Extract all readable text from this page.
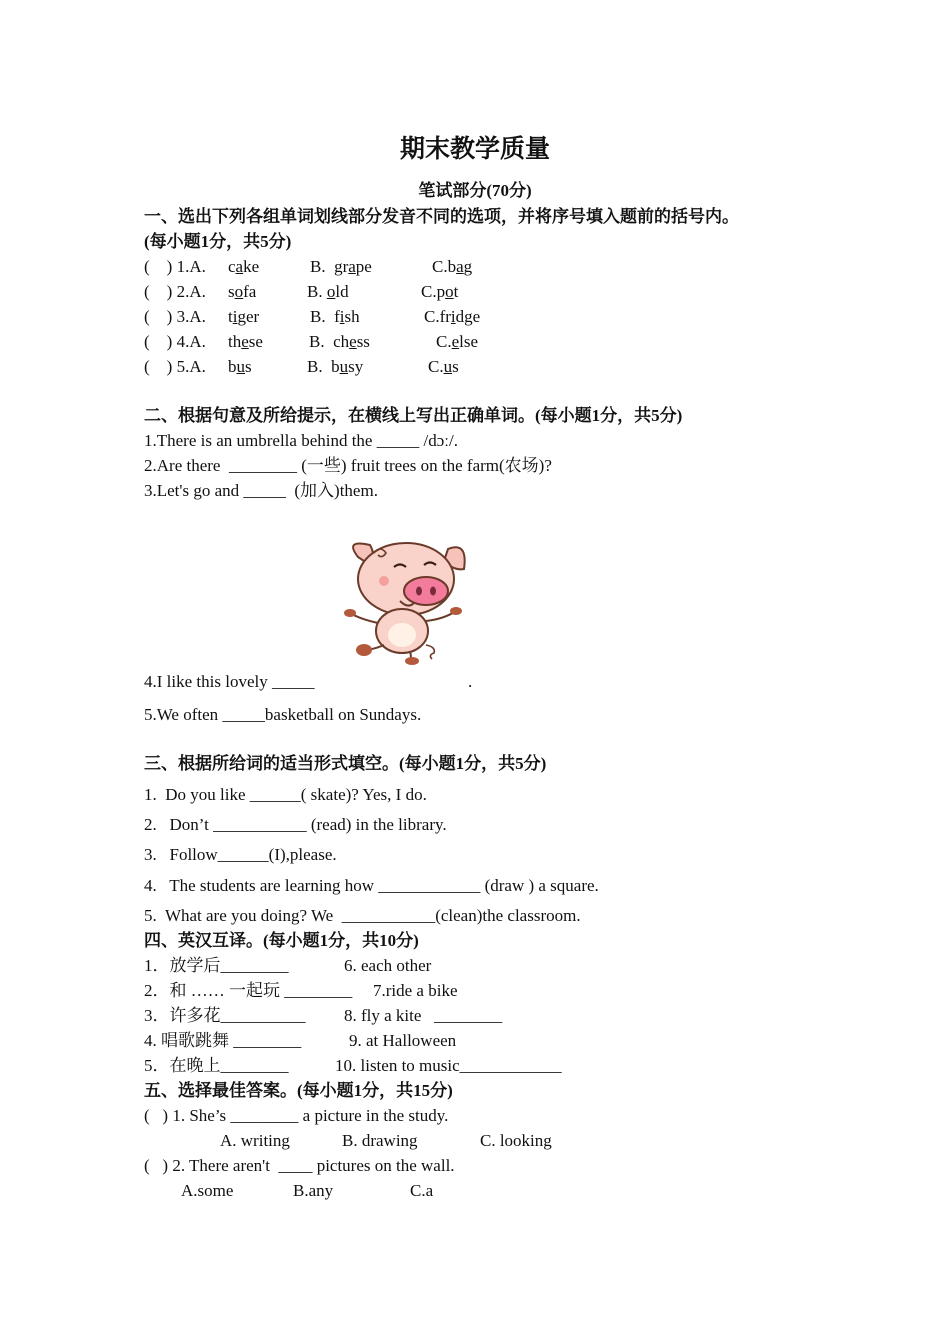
期末教学质量
笔试部分(70分)
一、选出下列各组单词划线部分发音不同的选项，并将序号填入题前的括号内。
(每小题1分，共5分)
(    ) 1.A. cake	B.  grape	C.bag
(    ) 2.A. sofa	B. old	C.pot
(    ) 3.A. tiger	B.  fish	C.fridge
(    ) 4.A. these	B.  chess	C.else
(    ) 5.A. bus	B.  busy	C.us
二、根据句意及所给提示，在横线上写出正确单词。(每小题1分，共5分)
1.There is an umbrella behind the _____ /dɔː/.
2.Are there  ________ (一些) fruit trees on the farm(农场)?
3.Let's go and _____  (加入)them.
4.I like this lovely _____	.
5.We often _____basketball on Sundays.
三、根据所给词的适当形式填空。(每小题1分，共5分)
1.  Do you like ______( skate)? Yes, I do.
2.   Don’t ___________ (read) in the library.
3.   Follow______(I),please.
4.   The students are learning how ____________ (draw ) a square.
5.  What are you doing? We  ___________(clean)the classroom.
四、英汉互译。(每小题1分，共10分)
1．放学后________	6. each other
2．和 …… 一起玩 ________ 7.ride a bike
3．许多花__________ 8. fly a kite   ________
4. 唱歌跳舞 ________	9. at Halloween
5．在晚上________	10. listen to music____________
五、选择最佳答案。(每小题1分，共15分)
(   ) 1. She’s ________ a picture in the study.
A. writing	B. drawing	C. looking
(   ) 2. There aren't  ____ pictures on the wall.
A.some	B.any	C.a
